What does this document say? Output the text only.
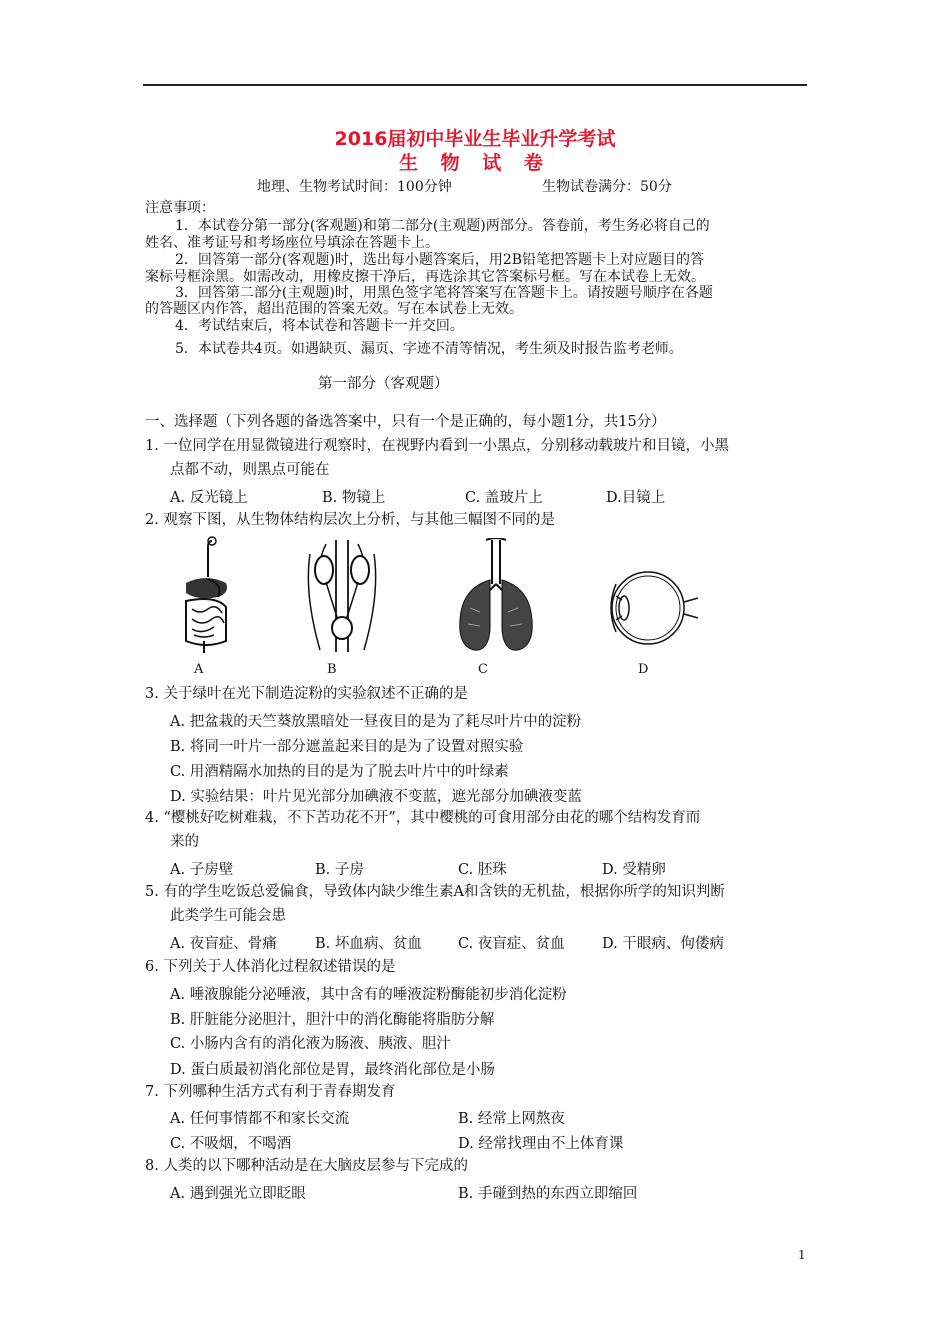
2016届初中毕业生毕业升学考试
生 物 试 卷
地理、生物考试时间：100分钟	生物试卷满分：50分
注意事项：
1．本试卷分第一部分(客观题)和第二部分(主观题)两部分。答卷前，考生务必将自己的
姓名、准考证号和考场座位号填涂在答题卡上。
2．回答第一部分(客观题)时，选出每小题答案后，用2B铅笔把答题卡上对应题目的答
案标号框涂黑。如需改动，用橡皮擦干净后，再选涂其它答案标号框。写在本试卷上无效。
3．回答第二部分(主观题)时，用黑色签字笔将答案写在答题卡上。请按题号顺序在各题
的答题区内作答，超出范围的答案无效。写在本试卷上无效。
4．考试结束后，将本试卷和答题卡一并交回。
5．本试卷共4页。如遇缺页、漏页、字迹不清等情况，考生须及时报告监考老师。
第一部分（客观题）
一、选择题（下列各题的备选答案中，只有一个是正确的，每小题1分，共15分）
1. 一位同学在用显微镜进行观察时，在视野内看到一小黑点，分别移动载玻片和目镜，小黑
点都不动，则黑点可能在
A. 反光镜上	B. 物镜上	C. 盖玻片上	D.目镜上
2. 观察下图，从生物体结构层次上分析，与其他三幅图不同的是
A	B	C	D
3. 关于绿叶在光下制造淀粉的实验叙述不正确的是
A. 把盆栽的天竺葵放黑暗处一昼夜目的是为了耗尽叶片中的淀粉
B. 将同一叶片一部分遮盖起来目的是为了设置对照实验
C. 用酒精隔水加热的目的是为了脱去叶片中的叶绿素
D. 实验结果：叶片见光部分加碘液不变蓝，遮光部分加碘液变蓝
4. “樱桃好吃树难栽，不下苦功花不开”，其中樱桃的可食用部分由花的哪个结构发育而
来的
A. 子房壁	B. 子房	C. 胚珠	D. 受精卵
5. 有的学生吃饭总爱偏食，导致体内缺少维生素A和含铁的无机盐，根据你所学的知识判断
此类学生可能会患
A. 夜盲症、骨痛	B. 坏血病、贫血 C. 夜盲症、贫血	D. 干眼病、佝偻病
6. 下列关于人体消化过程叙述错误的是
A. 唾液腺能分泌唾液，其中含有的唾液淀粉酶能初步消化淀粉
B. 肝脏能分泌胆汁，胆汁中的消化酶能将脂肪分解
C. 小肠内含有的消化液为肠液、胰液、胆汁
D. 蛋白质最初消化部位是胃，最终消化部位是小肠
7. 下列哪种生活方式有利于青春期发育
A. 任何事情都不和家长交流	B. 经常上网熬夜
C. 不吸烟，不喝酒	D. 经常找理由不上体育课
8. 人类的以下哪种活动是在大脑皮层参与下完成的
A. 遇到强光立即眨眼	B. 手碰到热的东西立即缩回
1
